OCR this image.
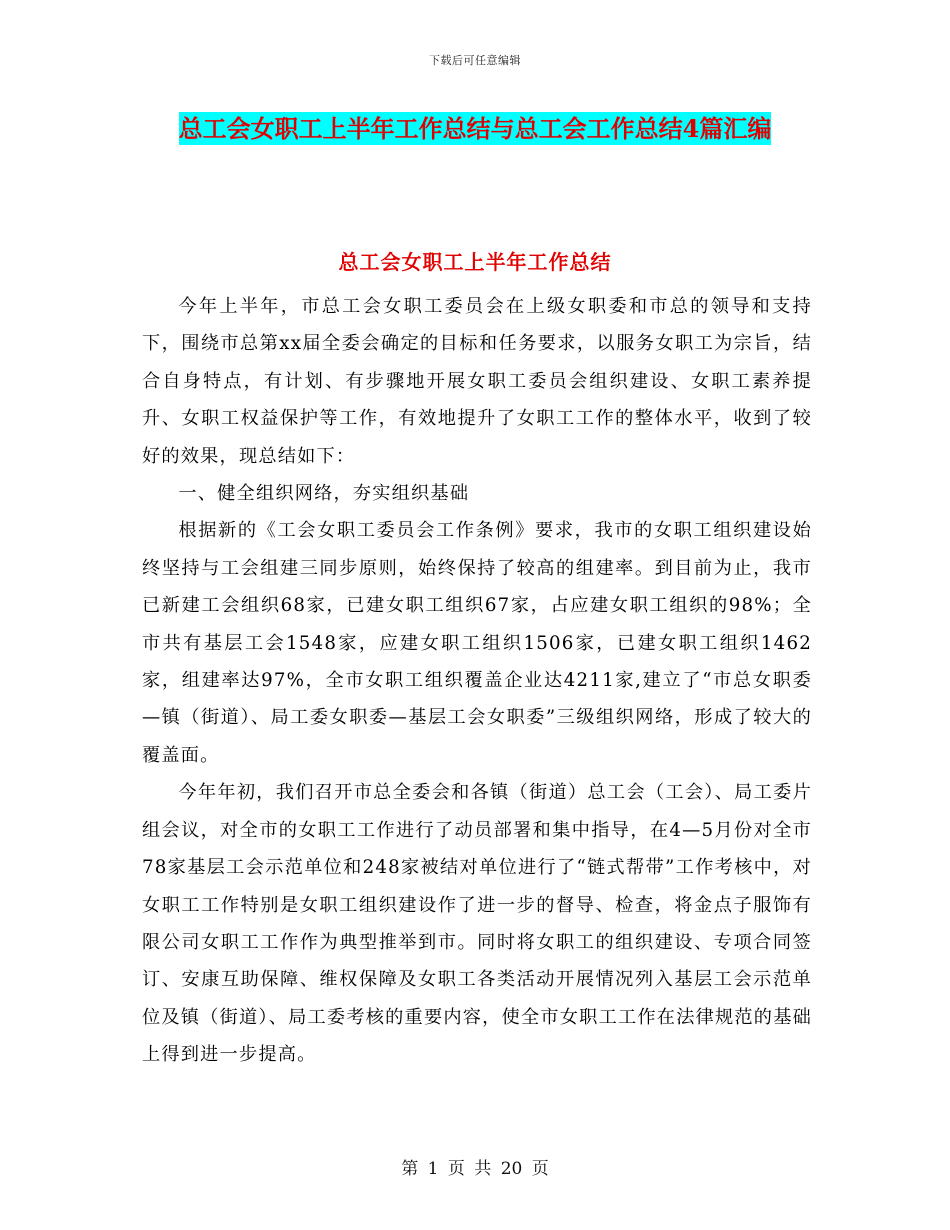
下载后可任意编辑
总工会女职工上半年工作总结与总工会工作总结4篇汇编
总工会女职工上半年工作总结

今年上半年，市总工会女职工委员会在上级女职委和市总的领导和支持下，围绕市总第xx届全委会确定的目标和任务要求，以服务女职工为宗旨，结合自身特点，有计划、有步骤地开展女职工委员会组织建设、女职工素养提升、女职工权益保护等工作，有效地提升了女职工工作的整体水平，收到了较好的效果，现总结如下：

一、健全组织网络，夯实组织基础

根据新的《工会女职工委员会工作条例》要求，我市的女职工组织建设始终坚持与工会组建三同步原则，始终保持了较高的组建率。到目前为止，我市已新建工会组织68家，已建女职工组织67家，占应建女职工组织的98%；全市共有基层工会1548家，应建女职工组织1506家，已建女职工组织1462家，组建率达97%，全市女职工组织覆盖企业达4211家,建立了“市总女职委—镇（街道）、局工委女职委—基层工会女职委”三级组织网络，形成了较大的覆盖面。

今年年初，我们召开市总全委会和各镇（街道）总工会（工会）、局工委片组会议，对全市的女职工工作进行了动员部署和集中指导，在4—5月份对全市78家基层工会示范单位和248家被结对单位进行了“链式帮带”工作考核中，对女职工工作特别是女职工组织建设作了进一步的督导、检查，将金点子服饰有限公司女职工工作作为典型推举到市。同时将女职工的组织建设、专项合同签订、安康互助保障、维权保障及女职工各类活动开展情况列入基层工会示范单位及镇（街道）、局工委考核的重要内容，使全市女职工工作在法律规范的基础上得到进一步提高。

第 1 页 共 20 页
